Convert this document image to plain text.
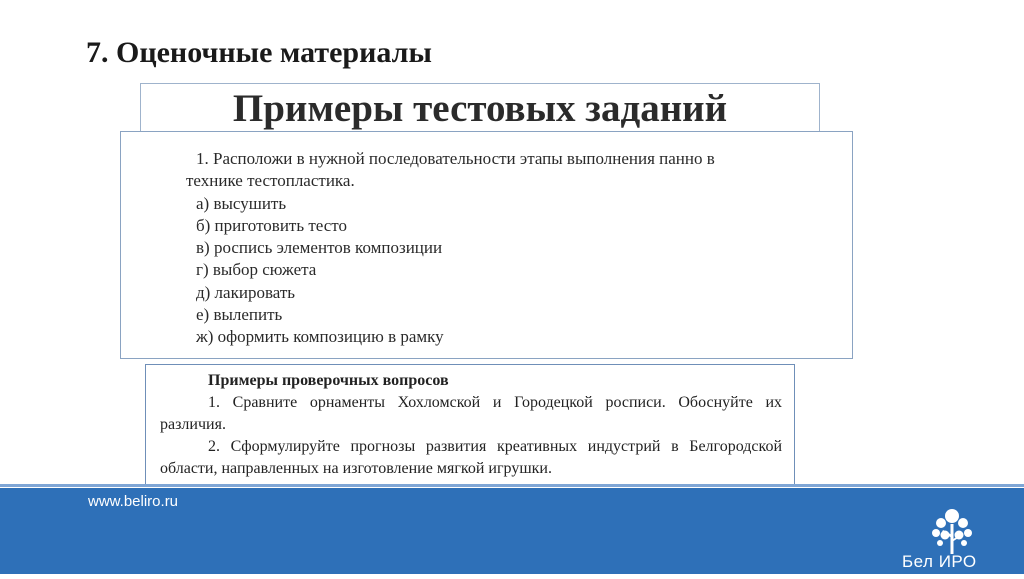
7. Оценочные материалы
Примеры тестовых заданий
1. Расположи в нужной последовательности этапы выполнения панно в
технике тестопластика.
а) высушить
б) приготовить тесто
в) роспись элементов композиции
г) выбор сюжета
д) лакировать
е) вылепить
ж) оформить композицию в рамку
Примеры проверочных вопросов
1. Сравните орнаменты Хохломской и Городецкой росписи. Обоснуйте их различия.
2. Сформулируйте прогнозы развития креативных индустрий в Белгородской области, направленных на изготовление мягкой игрушки.
www.beliro.ru
Бел ИРО
